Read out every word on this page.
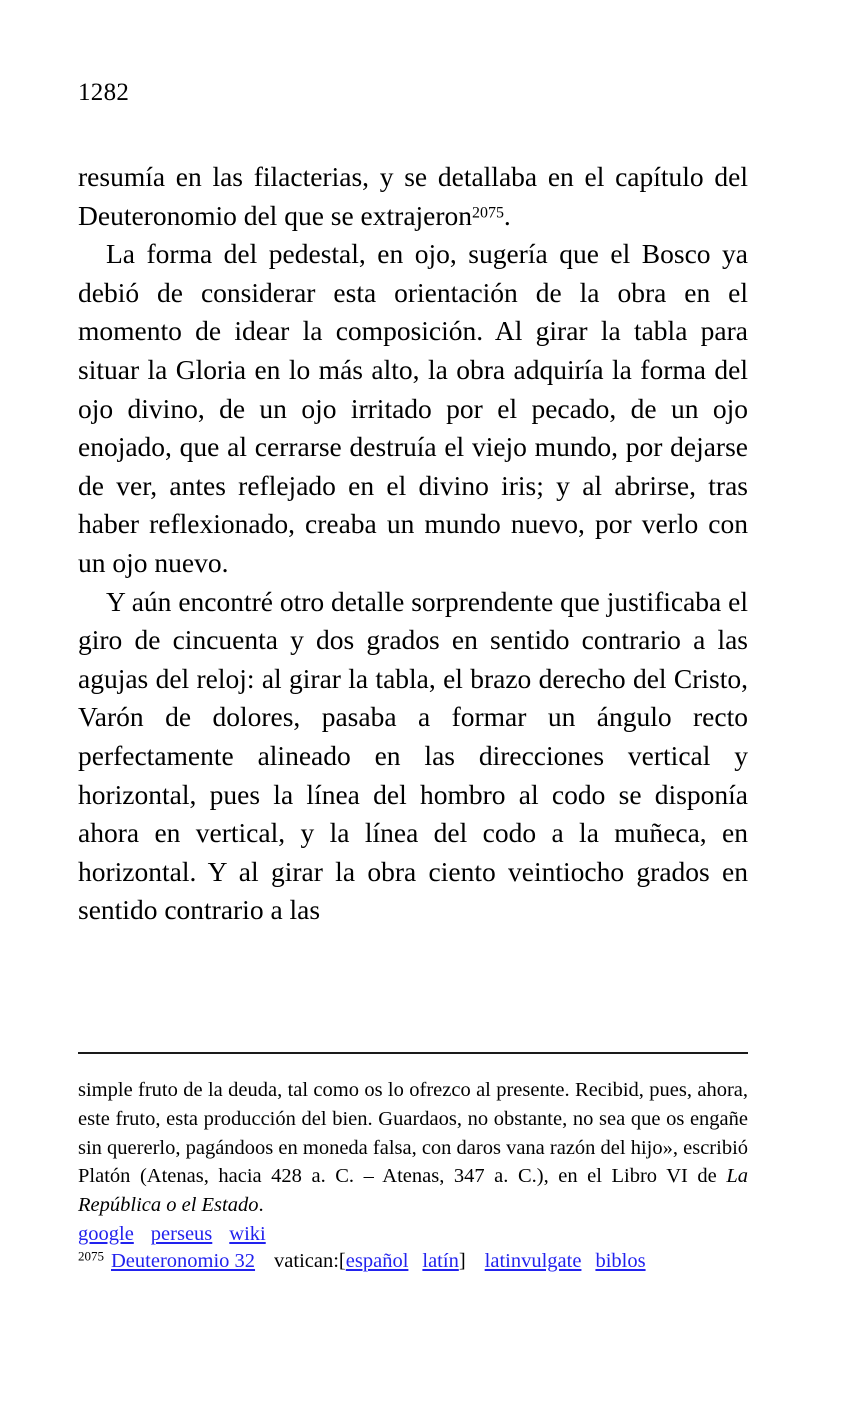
1282

resumía en las filacterias, y se detallaba en el capítulo del Deuteronomio del que se extrajeron$^{2075}$.

La forma del pedestal, en ojo, sugería que el Bosco ya debió de considerar esta orientación de la obra en el momento de idear la composición. Al girar la tabla para situar la Gloria en lo más alto, la obra adquiría la forma del ojo divino, de un ojo irritado por el pecado, de un ojo enojado, que al cerrarse destruía el viejo mundo, por dejarse de ver, antes reflejado en el divino iris; y al abrirse, tras haber reflexionado, creaba un mundo nuevo, por verlo con un ojo nuevo.

Y aún encontré otro detalle sorprendente que justificaba el giro de cincuenta y dos grados en sentido contrario a las agujas del reloj: al girar la tabla, el brazo derecho del Cristo, Varón de dolores, pasaba a formar un ángulo recto perfectamente alineado en las direcciones vertical y horizontal, pues la línea del hombro al codo se disponía ahora en vertical, y la línea del codo a la muñeca, en horizontal. Y al girar la obra ciento veintiocho grados en sentido contrario a las

simple fruto de la deuda, tal como os lo ofrezco al presente. Recibid, pues, ahora, este fruto, esta producción del bien. Guardaos, no obstante, no sea que os engañe sin quererlo, pagándoos en moneda falsa, con daros vana razón del hijo», escribió Platón (Atenas, hacia 428 a. C. – Atenas, 347 a. C.), en el Libro VI de La República o el Estado.

google perseus wiki

$^{2075}$ Deuteronomio 32 vatican:[español latín] latinvulgate biblos
